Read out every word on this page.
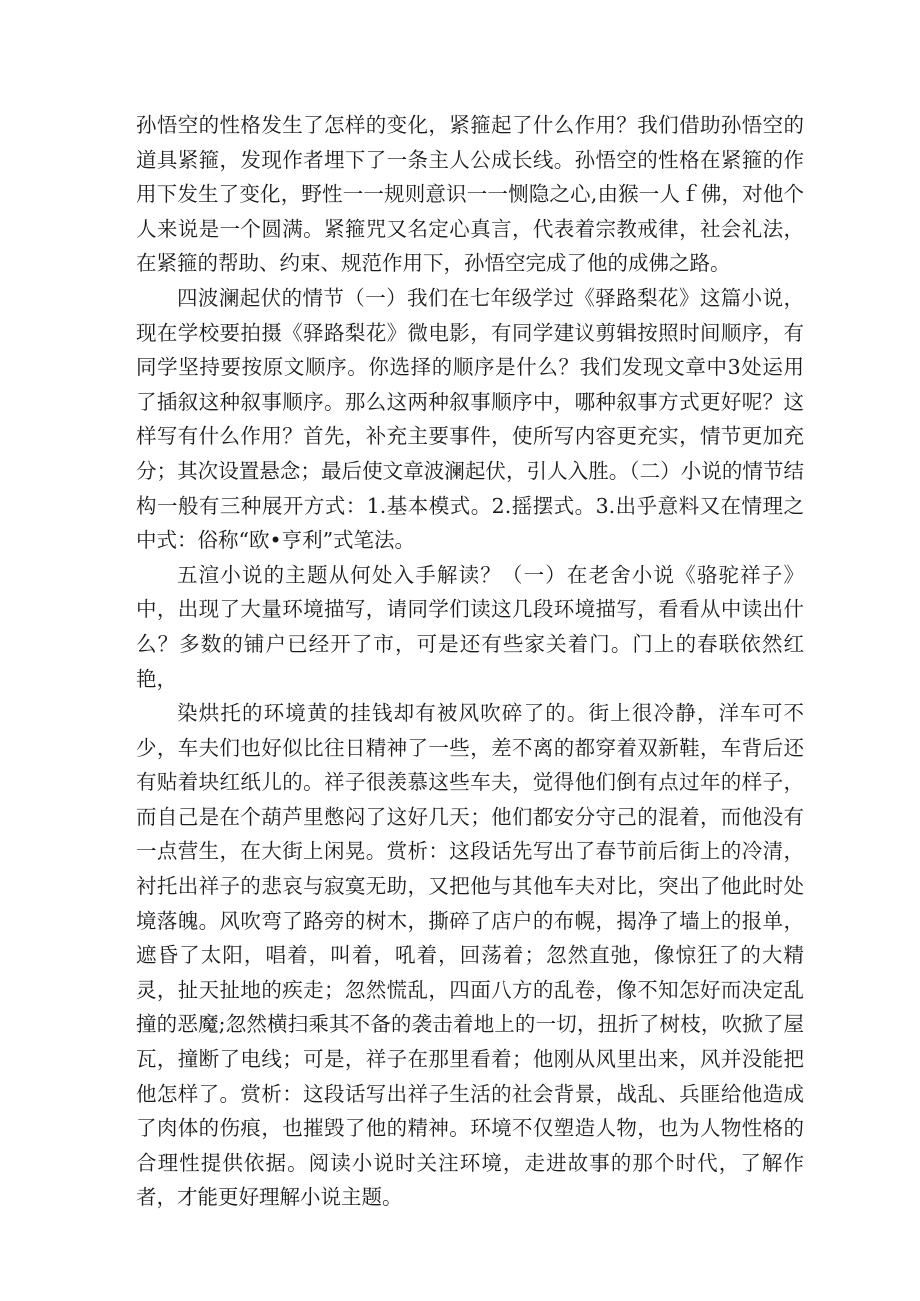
孙悟空的性格发生了怎样的变化，紧箍起了什么作用？我们借助孙悟空的道具紧箍，发现作者埋下了一条主人公成长线。孙悟空的性格在紧箍的作用下发生了变化，野性一一规则意识一一恻隐之心,由猴一人ｆ佛，对他个人来说是一个圆满。紧箍咒又名定心真言，代表着宗教戒律，社会礼法，在紧箍的帮助、约束、规范作用下，孙悟空完成了他的成佛之路。

四波澜起伏的情节（一）我们在七年级学过《驿路梨花》这篇小说，现在学校要拍摄《驿路梨花》微电影，有同学建议剪辑按照时间顺序，有同学坚持要按原文顺序。你选择的顺序是什么？我们发现文章中3处运用了插叙这种叙事顺序。那么这两种叙事顺序中，哪种叙事方式更好呢？这样写有什么作用？首先，补充主要事件，使所写内容更充实，情节更加充分；其次设置悬念；最后使文章波澜起伏，引人入胜。（二）小说的情节结构一般有三种展开方式：1.基本模式。2.摇摆式。3.出乎意料又在情理之中式：俗称“欧•亨利”式笔法。

五渲小说的主题从何处入手解读？（一）在老舍小说《骆驼祥子》中，出现了大量环境描写，请同学们读这几段环境描写，看看从中读出什么？多数的铺户已经开了市，可是还有些家关着门。门上的春联依然红艳，

染烘托的环境黄的挂钱却有被风吹碎了的。街上很冷静，洋车可不少，车夫们也好似比往日精神了一些，差不离的都穿着双新鞋，车背后还有贴着块红纸儿的。祥子很羡慕这些车夫，觉得他们倒有点过年的样子，而自己是在个葫芦里憋闷了这好几天；他们都安分守己的混着，而他没有一点营生，在大街上闲晃。赏析：这段话先写出了春节前后街上的冷清，衬托出祥子的悲哀与寂寞无助，又把他与其他车夫对比，突出了他此时处境落魄。风吹弯了路旁的树木，撕碎了店户的布幌，揭净了墙上的报单，遮昏了太阳，唱着，叫着，吼着，回荡着；忽然直弛，像惊狂了的大精灵，扯天扯地的疾走；忽然慌乱，四面八方的乱卷，像不知怎好而决定乱撞的恶魔;忽然横扫乘其不备的袭击着地上的一切，扭折了树枝，吹掀了屋瓦，撞断了电线；可是，祥子在那里看着；他刚从风里出来，风并没能把他怎样了。赏析：这段话写出祥子生活的社会背景，战乱、兵匪给他造成了肉体的伤痕，也摧毁了他的精神。环境不仅塑造人物，也为人物性格的合理性提供依据。阅读小说时关注环境，走进故事的那个时代，了解作者，才能更好理解小说主题。
